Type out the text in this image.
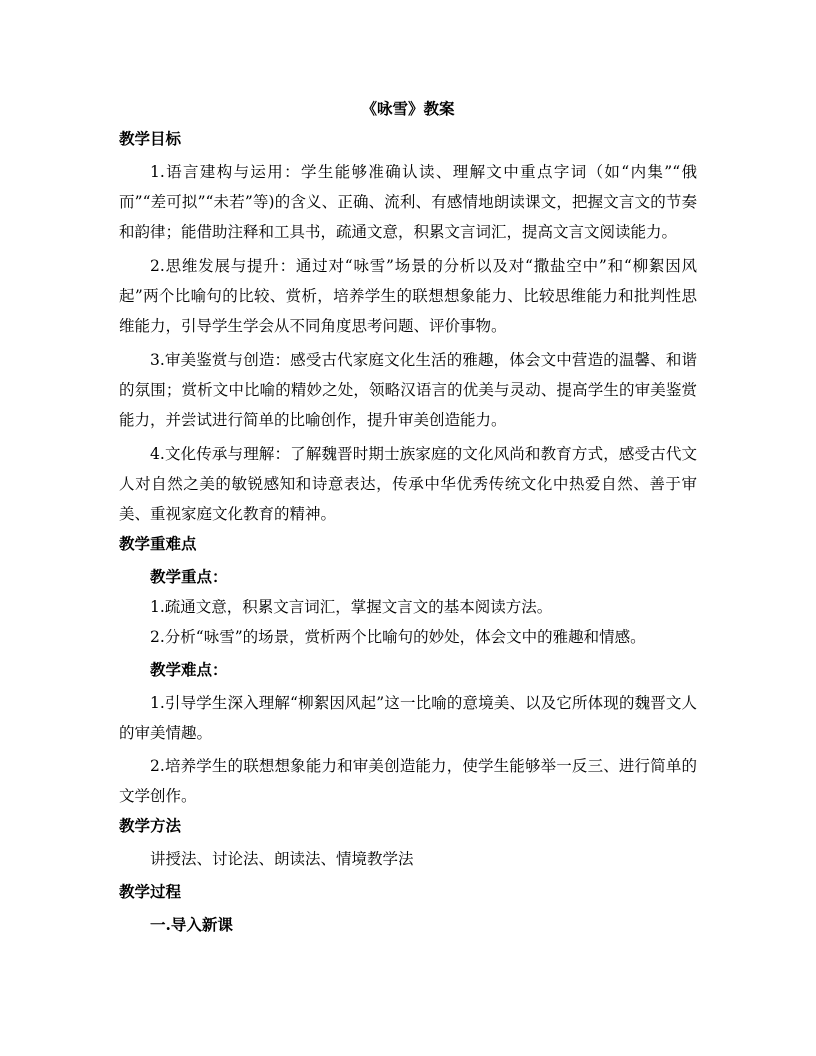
《咏雪》教案
教学目标

1.语言建构与运用：学生能够准确认读、理解文中重点字词（如“内集”“俄而”“差可拟”“未若”等)的含义、正确、流利、有感情地朗读课文，把握文言文的节奏和韵律；能借助注释和工具书，疏通文意，积累文言词汇，提高文言文阅读能力。

2.思维发展与提升：通过对“咏雪”场景的分析以及对“撒盐空中”和“柳絮因风起”两个比喻句的比较、赏析，培养学生的联想想象能力、比较思维能力和批判性思维能力，引导学生学会从不同角度思考问题、评价事物。

3.审美鉴赏与创造：感受古代家庭文化生活的雅趣，体会文中营造的温馨、和谐的氛围；赏析文中比喻的精妙之处，领略汉语言的优美与灵动、提高学生的审美鉴赏能力，并尝试进行简单的比喻创作，提升审美创造能力。

4.文化传承与理解：了解魏晋时期士族家庭的文化风尚和教育方式，感受古代文人对自然之美的敏锐感知和诗意表达，传承中华优秀传统文化中热爱自然、善于审美、重视家庭文化教育的精神。

教学重难点

教学重点：

1.疏通文意，积累文言词汇，掌握文言文的基本阅读方法。

2.分析“咏雪”的场景，赏析两个比喻句的妙处，体会文中的雅趣和情感。

教学难点：

1.引导学生深入理解“柳絮因风起”这一比喻的意境美、以及它所体现的魏晋文人的审美情趣。

2.培养学生的联想想象能力和审美创造能力，使学生能够举一反三、进行简单的文学创作。

教学方法

讲授法、讨论法、朗读法、情境教学法

教学过程

一.导入新课
